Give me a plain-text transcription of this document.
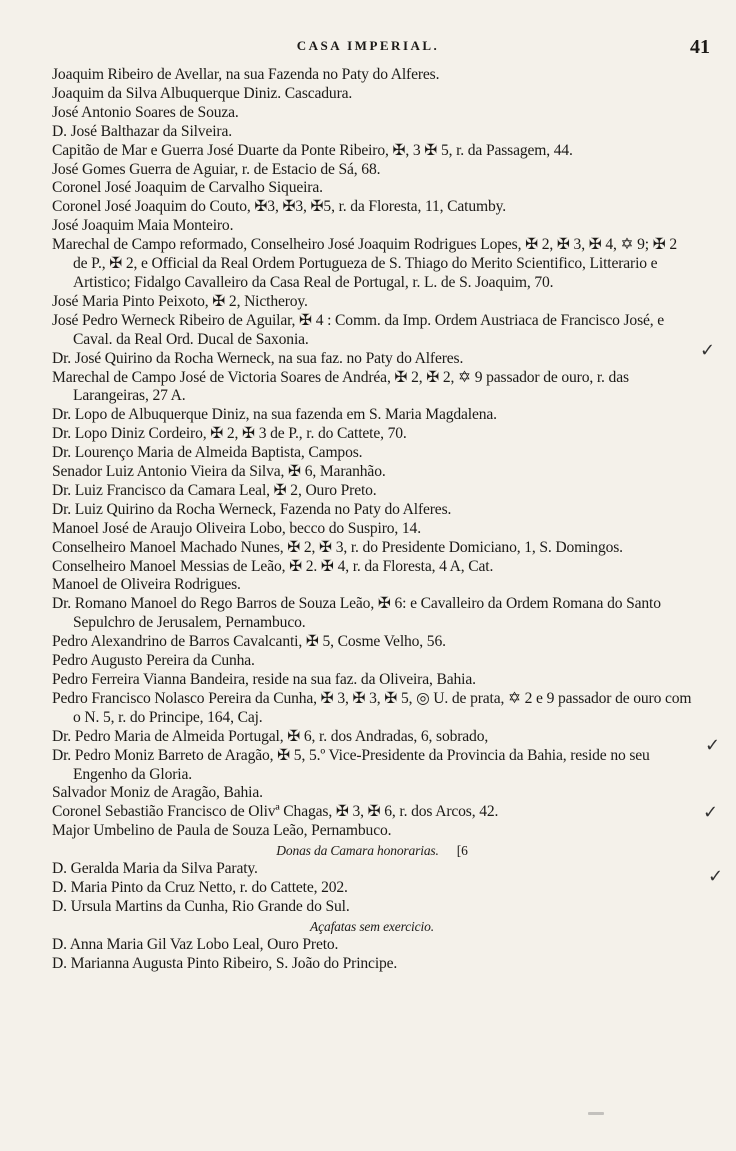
CASA IMPERIAL.	41

Joaquim Ribeiro de Avellar, na sua Fazenda no Paty do Alferes.

Joaquim da Silva Albuquerque Diniz. Cascadura.

José Antonio Soares de Souza.

D. José Balthazar da Silveira.

Capitão de Mar e Guerra José Duarte da Ponte Ribeiro, ✠, 3 ✠ 5, r. da Passagem, 44.

José Gomes Guerra de Aguiar, r. de Estacio de Sá, 68.

Coronel José Joaquim de Carvalho Siqueira.

Coronel José Joaquim do Couto, ✠3, ✠3, ✠5, r. da Floresta, 11, Catumby.

José Joaquim Maia Monteiro.

Marechal de Campo reformado, Conselheiro José Joaquim Rodrigues Lopes, ✠ 2, ✠ 3, ✠ 4, ✡ 9; ✠ 2 de P., ✠ 2, e Official da Real Ordem Portugueza de S. Thiago do Merito Scientifico, Litterario e Artistico; Fidalgo Cavalleiro da Casa Real de Portugal, r. L. de S. Joaquim, 70.

José Maria Pinto Peixoto, ✠ 2, Nictheroy.

José Pedro Werneck Ribeiro de Aguilar, ✠ 4 : Comm. da Imp. Ordem Austriaca de Francisco José, e Caval. da Real Ord. Ducal de Saxonia.

Dr. José Quirino da Rocha Werneck, na sua faz. no Paty do Alferes.

Marechal de Campo José de Victoria Soares de Andréa, ✠ 2, ✠ 2, ✡ 9 passador de ouro, r. das Larangeiras, 27 A.

Dr. Lopo de Albuquerque Diniz, na sua fazenda em S. Maria Magdalena.

Dr. Lopo Diniz Cordeiro, ✠ 2, ✠ 3 de P., r. do Cattete, 70.

Dr. Lourenço Maria de Almeida Baptista, Campos.

Senador Luiz Antonio Vieira da Silva, ✠ 6, Maranhão.

Dr. Luiz Francisco da Camara Leal, ✠ 2, Ouro Preto.

Dr. Luiz Quirino da Rocha Werneck, Fazenda no Paty do Alferes.

Manoel José de Araujo Oliveira Lobo, becco do Suspiro, 14.

Conselheiro Manoel Machado Nunes, ✠ 2, ✠ 3, r. do Presidente Domiciano, 1, S. Domingos.

Conselheiro Manoel Messias de Leão, ✠ 2. ✠ 4, r. da Floresta, 4 A, Cat.

Manoel de Oliveira Rodrigues.

Dr. Romano Manoel do Rego Barros de Souza Leão, ✠ 6: e Cavalleiro da Ordem Romana do Santo Sepulchro de Jerusalem, Pernambuco.

Pedro Alexandrino de Barros Cavalcanti, ✠ 5, Cosme Velho, 56.

Pedro Augusto Pereira da Cunha.

Pedro Ferreira Vianna Bandeira, reside na sua faz. da Oliveira, Bahia.

Pedro Francisco Nolasco Pereira da Cunha, ✠ 3, ✠ 3, ✠ 5, ◎ U. de prata, ✡ 2 e 9 passador de ouro com o N. 5, r. do Principe, 164, Caj.

Dr. Pedro Maria de Almeida Portugal, ✠ 6, r. dos Andradas, 6, sobrado,

Dr. Pedro Moniz Barreto de Aragão, ✠ 5, 5.º Vice-Presidente da Provincia da Bahia, reside no seu Engenho da Gloria.

Salvador Moniz de Aragão, Bahia.

Coronel Sebastião Francisco de Olivª Chagas, ✠ 3, ✠ 6, r. dos Arcos, 42.

Major Umbelino de Paula de Souza Leão, Pernambuco.

Donas da Camara honorarias. [6

D. Geralda Maria da Silva Paraty.

D. Maria Pinto da Cruz Netto, r. do Cattete, 202.

D. Ursula Martins da Cunha, Rio Grande do Sul.

Açafatas sem exercicio.

D. Anna Maria Gil Vaz Lobo Leal, Ouro Preto.

D. Marianna Augusta Pinto Ribeiro, S. João do Principe.

✓
✓
✓
✓
